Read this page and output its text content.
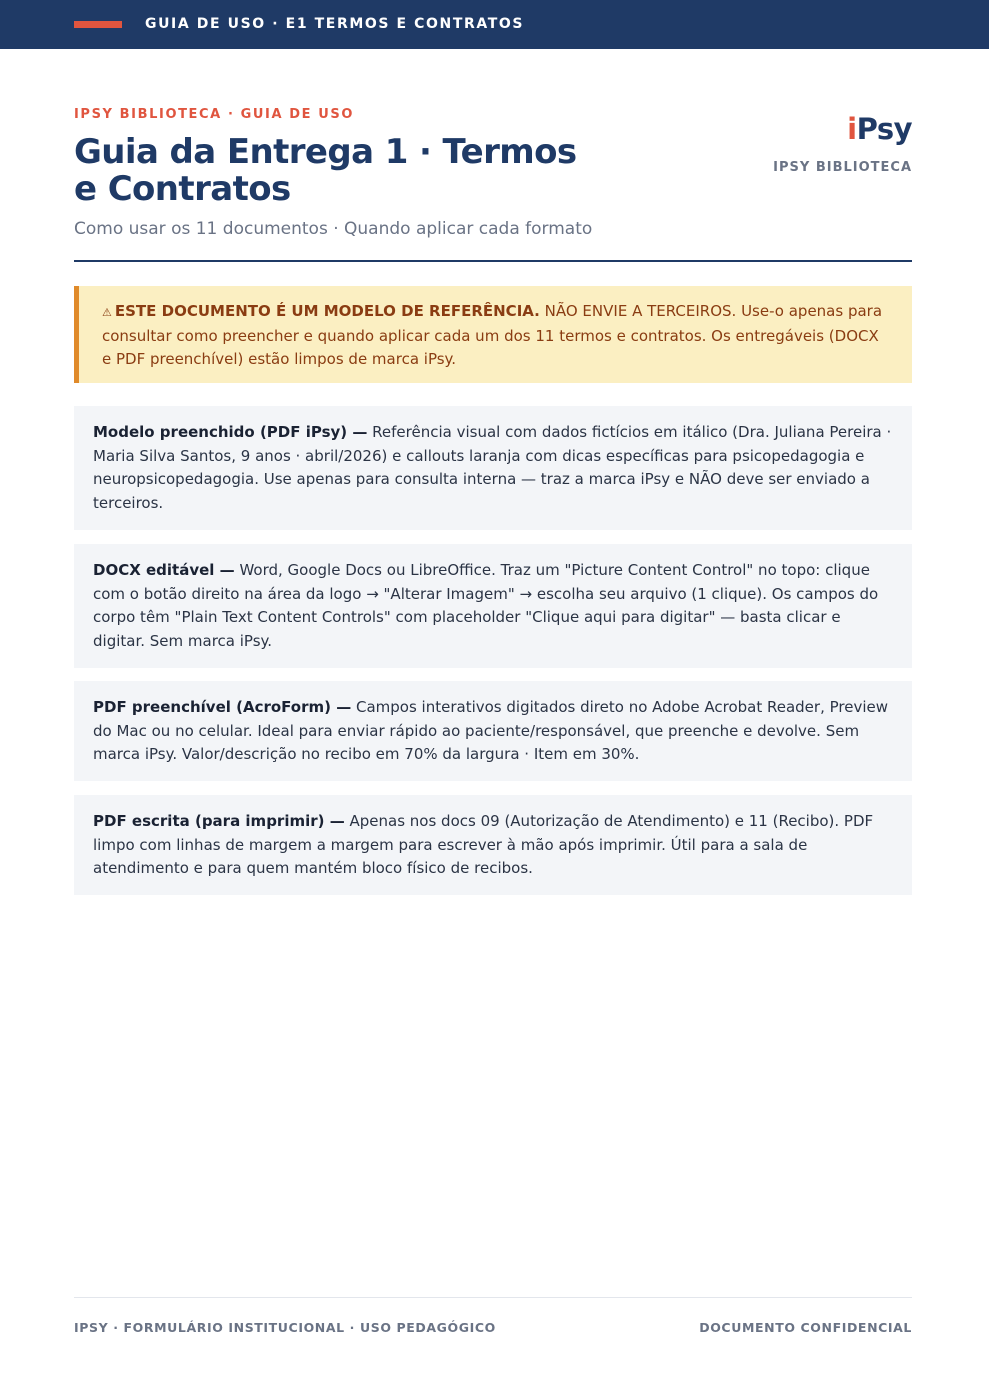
GUIA DE USO · E1 TERMOS E CONTRATOS
IPSY BIBLIOTECA · GUIA DE USO
Guia da Entrega 1 · Termos e Contratos
Como usar os 11 documentos · Quando aplicar cada formato
iPsy
IPSY BIBLIOTECA
⚠ ESTE DOCUMENTO É UM MODELO DE REFERÊNCIA. NÃO ENVIE A TERCEIROS. Use-o apenas para consultar como preencher e quando aplicar cada um dos 11 termos e contratos. Os entregáveis (DOCX e PDF preenchível) estão limpos de marca iPsy.
Modelo preenchido (PDF iPsy) — Referência visual com dados fictícios em itálico (Dra. Juliana Pereira · Maria Silva Santos, 9 anos · abril/2026) e callouts laranja com dicas específicas para psicopedagogia e neuropsicopedagogia. Use apenas para consulta interna — traz a marca iPsy e NÃO deve ser enviado a terceiros.
DOCX editável — Word, Google Docs ou LibreOffice. Traz um "Picture Content Control" no topo: clique com o botão direito na área da logo → "Alterar Imagem" → escolha seu arquivo (1 clique). Os campos do corpo têm "Plain Text Content Controls" com placeholder "Clique aqui para digitar" — basta clicar e digitar. Sem marca iPsy.
PDF preenchível (AcroForm) — Campos interativos digitados direto no Adobe Acrobat Reader, Preview do Mac ou no celular. Ideal para enviar rápido ao paciente/responsável, que preenche e devolve. Sem marca iPsy. Valor/descrição no recibo em 70% da largura · Item em 30%.
PDF escrita (para imprimir) — Apenas nos docs 09 (Autorização de Atendimento) e 11 (Recibo). PDF limpo com linhas de margem a margem para escrever à mão após imprimir. Útil para a sala de atendimento e para quem mantém bloco físico de recibos.
IPSY · FORMULÁRIO INSTITUCIONAL · USO PEDAGÓGICO	DOCUMENTO CONFIDENCIAL
